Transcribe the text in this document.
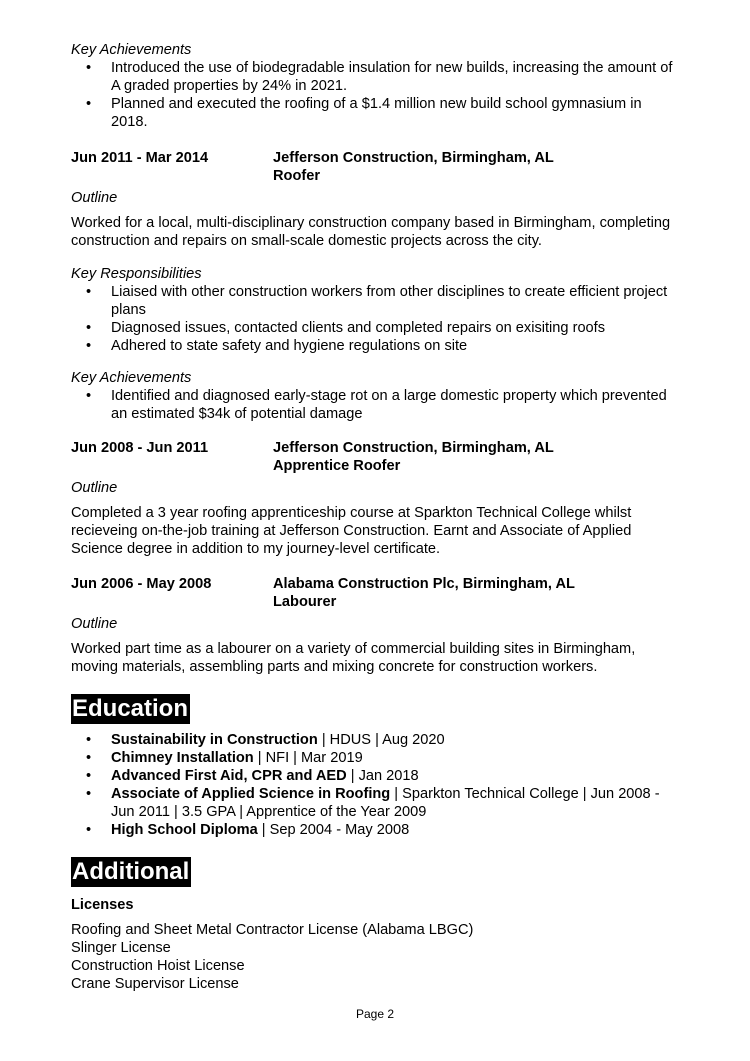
Key Achievements

• Introduced the use of biodegradable insulation for new builds, increasing the amount of A graded properties by 24% in 2021.
• Planned and executed the roofing of a $1.4 million new build school gymnasium in 2018.
Jun 2011 - Mar 2014	Jefferson Construction, Birmingham, AL
Roofer

Outline

Worked for a local, multi-disciplinary construction company based in Birmingham, completing construction and repairs on small-scale domestic projects across the city.

Key Responsibilities

• Liaised with other construction workers from other disciplines to create efficient project plans
• Diagnosed issues, contacted clients and completed repairs on exisiting roofs
• Adhered to state safety and hygiene regulations on site

Key Achievements

• Identified and diagnosed early-stage rot on a large domestic property which prevented an estimated $34k of potential damage
Jun 2008 - Jun 2011	Jefferson Construction, Birmingham, AL
Apprentice Roofer

Outline

Completed a 3 year roofing apprenticeship course at Sparkton Technical College whilst recieveing on-the-job training at Jefferson Construction. Earnt and Associate of Applied Science degree in addition to my journey-level certificate.

Jun 2006 - May 2008	Alabama Construction Plc, Birmingham, AL
Labourer

Outline

Worked part time as a labourer on a variety of commercial building sites in Birmingham, moving materials, assembling parts and mixing concrete for construction workers.

Education
• Sustainability in Construction | HDUS | Aug 2020
• Chimney Installation | NFI | Mar 2019
• Advanced First Aid, CPR and AED | Jan 2018
• Associate of Applied Science in Roofing | Sparkton Technical College | Jun 2008 - Jun 2011 | 3.5 GPA | Apprentice of the Year 2009
• High School Diploma | Sep 2004 - May 2008
Additional

Licenses

Roofing and Sheet Metal Contractor License (Alabama LBGC)
Slinger License
Construction Hoist License
Crane Supervisor License
Page 2
